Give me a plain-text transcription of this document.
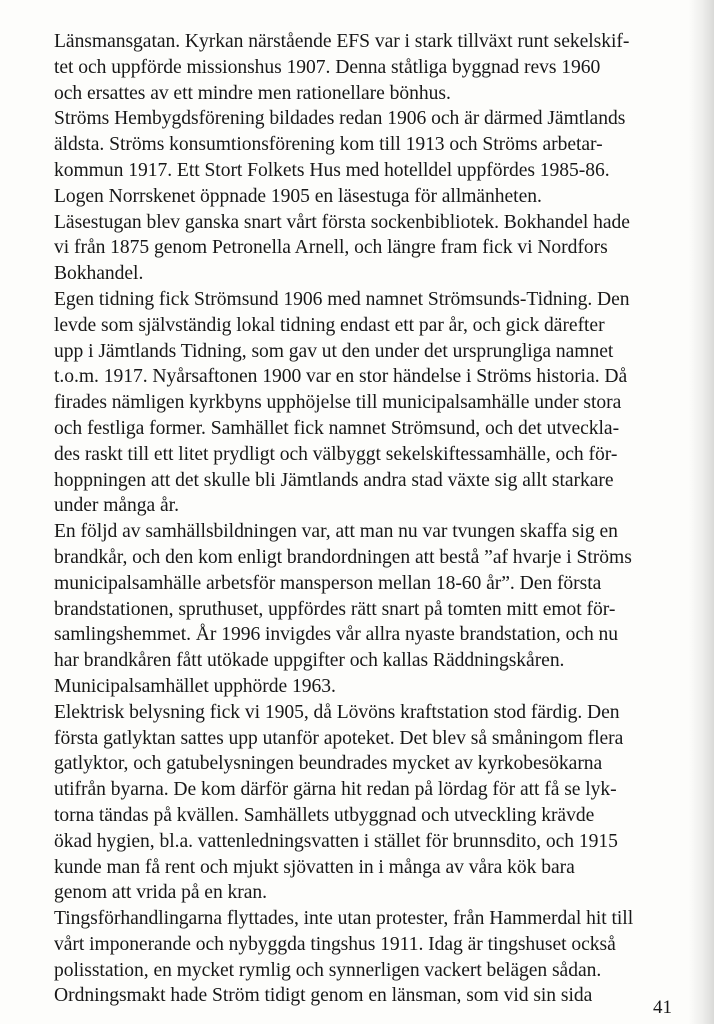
Länsmansgatan. Kyrkan närstående EFS var i stark tillväxt runt sekelskif-
tet och uppförde missionshus 1907. Denna ståtliga byggnad revs 1960
och ersattes av ett mindre men rationellare bönhus.
Ströms Hembygdsförening bildades redan 1906 och är därmed Jämtlands
äldsta. Ströms konsumtionsförening kom till 1913 och Ströms arbetar-
kommun 1917. Ett Stort Folkets Hus med hotelldel uppfördes 1985-86.
Logen Norrskenet öppnade 1905 en läsestuga för allmänheten.
Läsestugan blev ganska snart vårt första sockenbibliotek. Bokhandel hade
vi från 1875 genom Petronella Arnell, och längre fram fick vi Nordfors
Bokhandel.
Egen tidning fick Strömsund 1906 med namnet Strömsunds-Tidning. Den
levde som självständig lokal tidning endast ett par år, och gick därefter
upp i Jämtlands Tidning, som gav ut den under det ursprungliga namnet
t.o.m. 1917. Nyårsaftonen 1900 var en stor händelse i Ströms historia. Då
firades nämligen kyrkbyns upphöjelse till municipalsamhälle under stora
och festliga former. Samhället fick namnet Strömsund, och det utveckla-
des raskt till ett litet prydligt och välbyggt sekelskiftessamhälle, och för-
hoppningen att det skulle bli Jämtlands andra stad växte sig allt starkare
under många år.
En följd av samhällsbildningen var, att man nu var tvungen skaffa sig en
brandkår, och den kom enligt brandordningen att bestå ”af hvarje i Ströms
municipalsamhälle arbetsför mansperson mellan 18-60 år”. Den första
brandstationen, spruthuset, uppfördes rätt snart på tomten mitt emot för-
samlingshemmet. År 1996 invigdes vår allra nyaste brandstation, och nu
har brandkåren fått utökade uppgifter och kallas Räddningskåren.
Municipalsamhället upphörde 1963.
Elektrisk belysning fick vi 1905, då Lövöns kraftstation stod färdig. Den
första gatlyktan sattes upp utanför apoteket. Det blev så småningom flera
gatlyktor, och gatubelysningen beundrades mycket av kyrkobesökarna
utifrån byarna. De kom därför gärna hit redan på lördag för att få se lyk-
torna tändas på kvällen. Samhällets utbyggnad och utveckling krävde
ökad hygien, bl.a. vattenledningsvatten i stället för brunnsdito, och 1915
kunde man få rent och mjukt sjövatten in i många av våra kök bara
genom att vrida på en kran.
Tingsförhandlingarna flyttades, inte utan protester, från Hammerdal hit till
vårt imponerande och nybyggda tingshus 1911. Idag är tingshuset också
polisstation, en mycket rymlig och synnerligen vackert belägen sådan.
Ordningsmakt hade Ström tidigt genom en länsman, som vid sin sida
41
